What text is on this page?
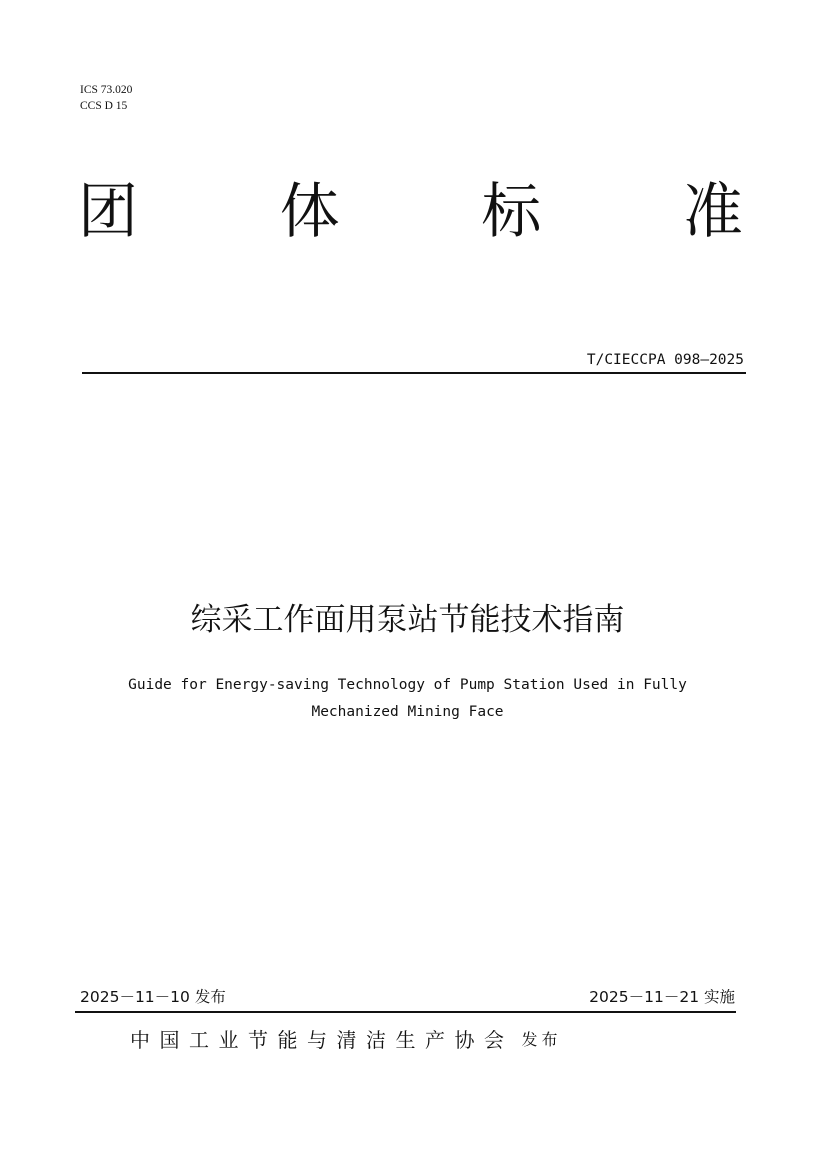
ICS 73.020
CCS D 15
团 体 标 准
T/CIECCPA 098—2025
综采工作面用泵站节能技术指南
Guide for Energy-saving Technology of Pump Station Used in Fully
Mechanized Mining Face
2025－11－10 发布	2025－11－21 实施
中国工业节能与清洁生产协会 发布
